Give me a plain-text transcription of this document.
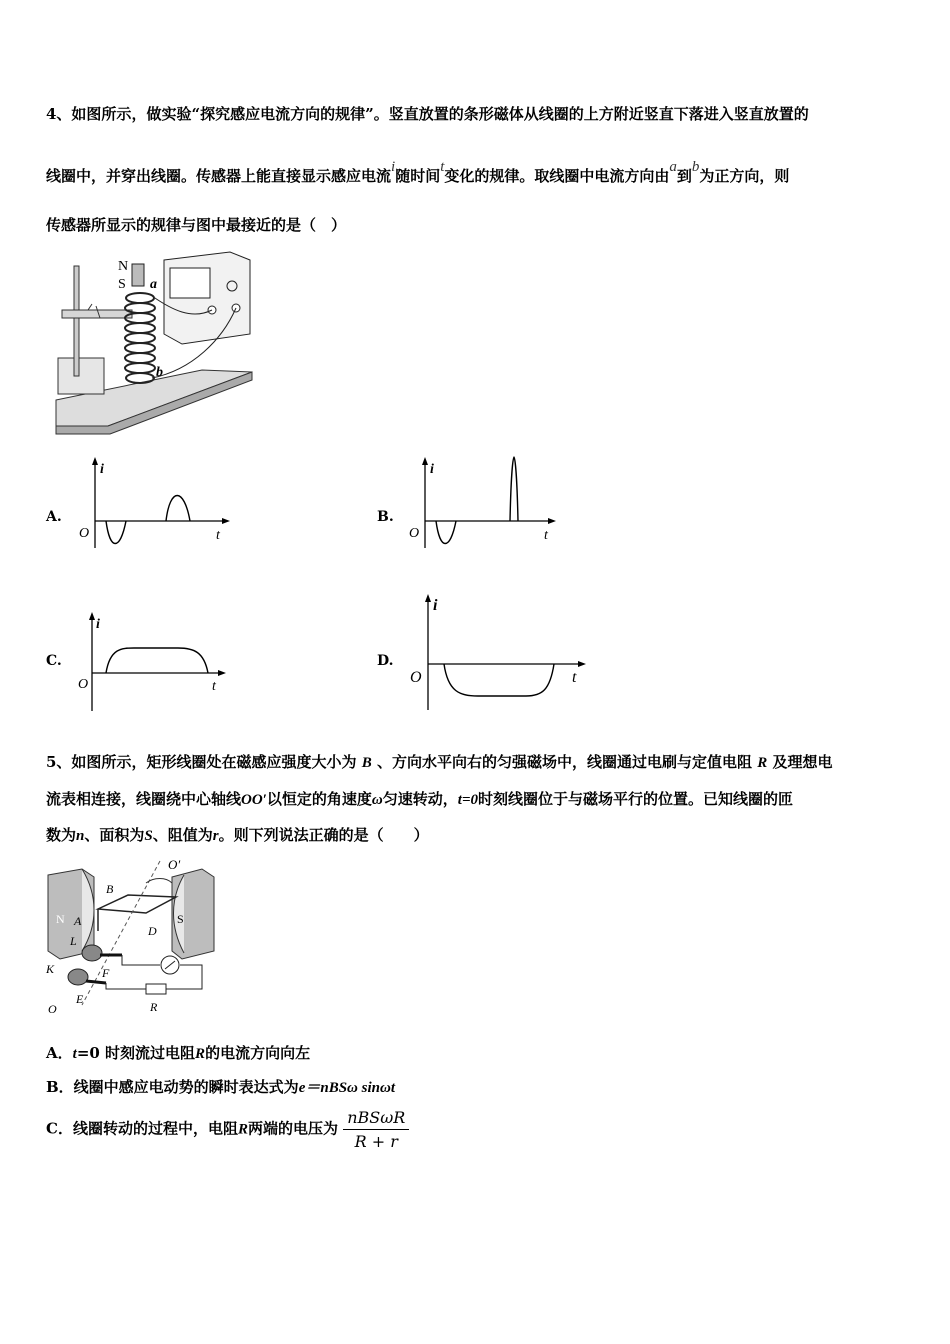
4、如图所示，做实验“探究感应电流方向的规律”。竖直放置的条形磁体从线圈的上方附近竖直下落进入竖直放置的
线圈中，并穿出线圈。传感器上能直接显示感应电流i随时间t变化的规律。取线圈中电流方向由a到b为正方向，则
传感器所显示的规律与图中最接近的是（　）
N
S a
b
A.
i
t
O
B.
i
t
O
C.
i
t
O
D.
i
t
O
5、如图所示，矩形线圈处在磁感应强度大小为 B 、方向水平向右的匀强磁场中，线圈通过电刷与定值电阻 R 及理想电
流表相连接，线圈绕中心轴线OO′以恒定的角速度ω匀速转动，t=0时刻线圈位于与磁场平行的位置。已知线圈的匝
数为n、面积为S、阻值为r。则下列说法正确的是（　　）
O′
B
N	S
A
D
L
K	F
E
O	R
A．t=0 时刻流过电阻R的电流方向向左
B．线圈中感应电动势的瞬时表达式为e＝nBSω sinωt
C．线圈转动的过程中，电阻R两端的电压为 $\frac{\text{nBSωR}}{R + r}$
